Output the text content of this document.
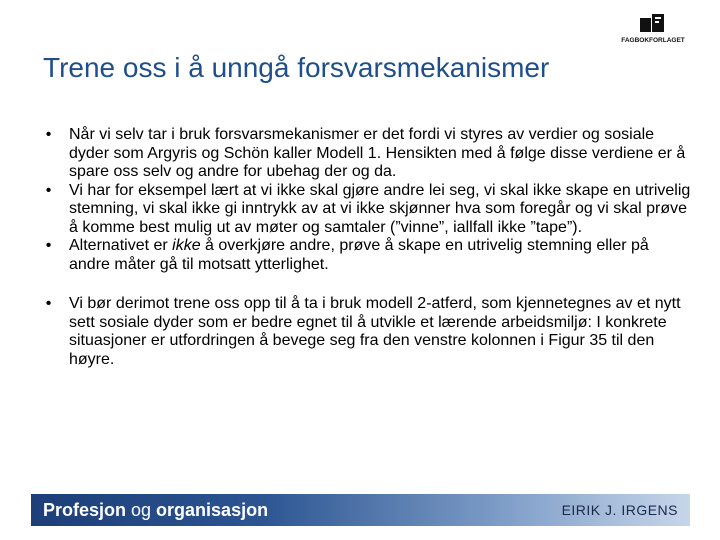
FAGBOKFORLAGET
Trene oss i å unngå forsvarsmekanismer
•	Når vi selv tar i bruk forsvarsmekanismer er det fordi vi styres av verdier og sosiale dyder som Argyris og Schön kaller Modell 1. Hensikten med å følge disse verdiene er å spare oss selv og andre for ubehag der og da.
•	Vi har for eksempel lært at vi ikke skal gjøre andre lei seg, vi skal ikke skape en utrivelig stemning, vi skal ikke gi inntrykk av at vi ikke skjønner hva som foregår og vi skal prøve å komme best mulig ut av møter og samtaler (”vinne”, iallfall ikke ”tape”).
•	Alternativet er ikke å overkjøre andre, prøve å skape en utrivelig stemning eller på andre måter gå til motsatt ytterlighet.
•	Vi bør derimot trene oss opp til å ta i bruk modell 2-atferd, som kjennetegnes av et nytt sett sosiale dyder som er bedre egnet til å utvikle et lærende arbeidsmiljø: I konkrete situasjoner er utfordringen å bevege seg fra den venstre kolonnen i Figur 35 til den høyre.
Profesjon og organisasjon	EIRIK J. IRGENS
